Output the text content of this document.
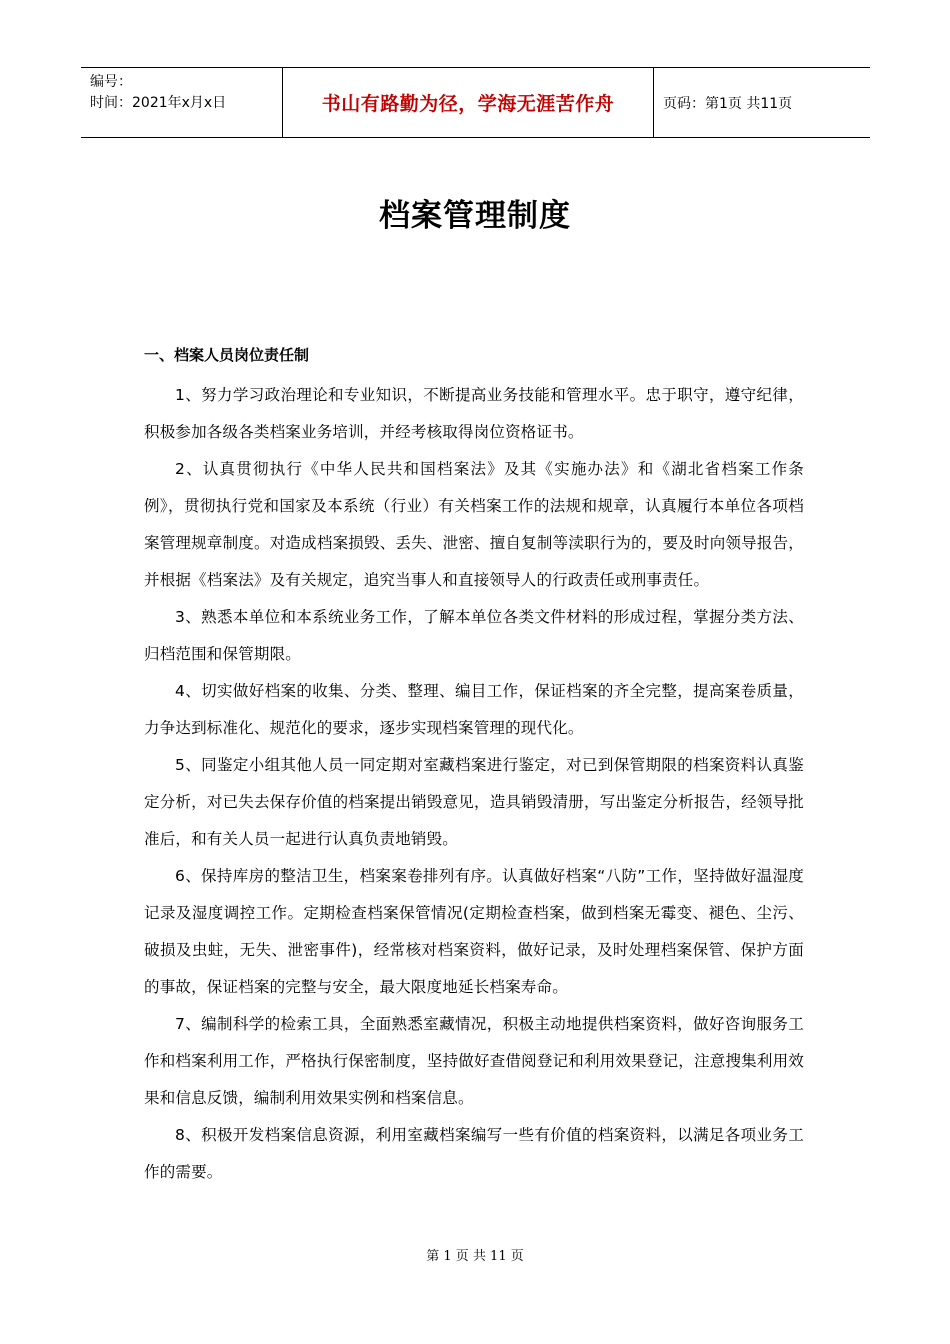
编号：
时间：2021年x月x日	书山有路勤为径，学海无涯苦作舟	页码：第1页 共11页
档案管理制度
一、档案人员岗位责任制

1、努力学习政治理论和专业知识，不断提高业务技能和管理水平。忠于职守，遵守纪律，积极参加各级各类档案业务培训，并经考核取得岗位资格证书。

2、认真贯彻执行《中华人民共和国档案法》及其《实施办法》和《湖北省档案工作条例》，贯彻执行党和国家及本系统（行业）有关档案工作的法规和规章，认真履行本单位各项档案管理规章制度。对造成档案损毁、丢失、泄密、擅自复制等渎职行为的，要及时向领导报告，并根据《档案法》及有关规定，追究当事人和直接领导人的行政责任或刑事责任。

3、熟悉本单位和本系统业务工作，了解本单位各类文件材料的形成过程，掌握分类方法、归档范围和保管期限。

4、切实做好档案的收集、分类、整理、编目工作，保证档案的齐全完整，提高案卷质量，力争达到标准化、规范化的要求，逐步实现档案管理的现代化。

5、同鉴定小组其他人员一同定期对室藏档案进行鉴定，对已到保管期限的档案资料认真鉴定分析，对已失去保存价值的档案提出销毁意见，造具销毁清册，写出鉴定分析报告，经领导批准后，和有关人员一起进行认真负责地销毁。

6、保持库房的整洁卫生，档案案卷排列有序。认真做好档案“八防”工作，坚持做好温湿度记录及湿度调控工作。定期检查档案保管情况(定期检查档案，做到档案无霉变、褪色、尘污、破损及虫蛀，无失、泄密事件)，经常核对档案资料，做好记录，及时处理档案保管、保护方面的事故，保证档案的完整与安全，最大限度地延长档案寿命。

7、编制科学的检索工具，全面熟悉室藏情况，积极主动地提供档案资料，做好咨询服务工作和档案利用工作，严格执行保密制度，坚持做好查借阅登记和利用效果登记，注意搜集利用效果和信息反馈，编制利用效果实例和档案信息。

8、积极开发档案信息资源，利用室藏档案编写一些有价值的档案资料，以满足各项业务工作的需要。

第 1 页 共 11 页
